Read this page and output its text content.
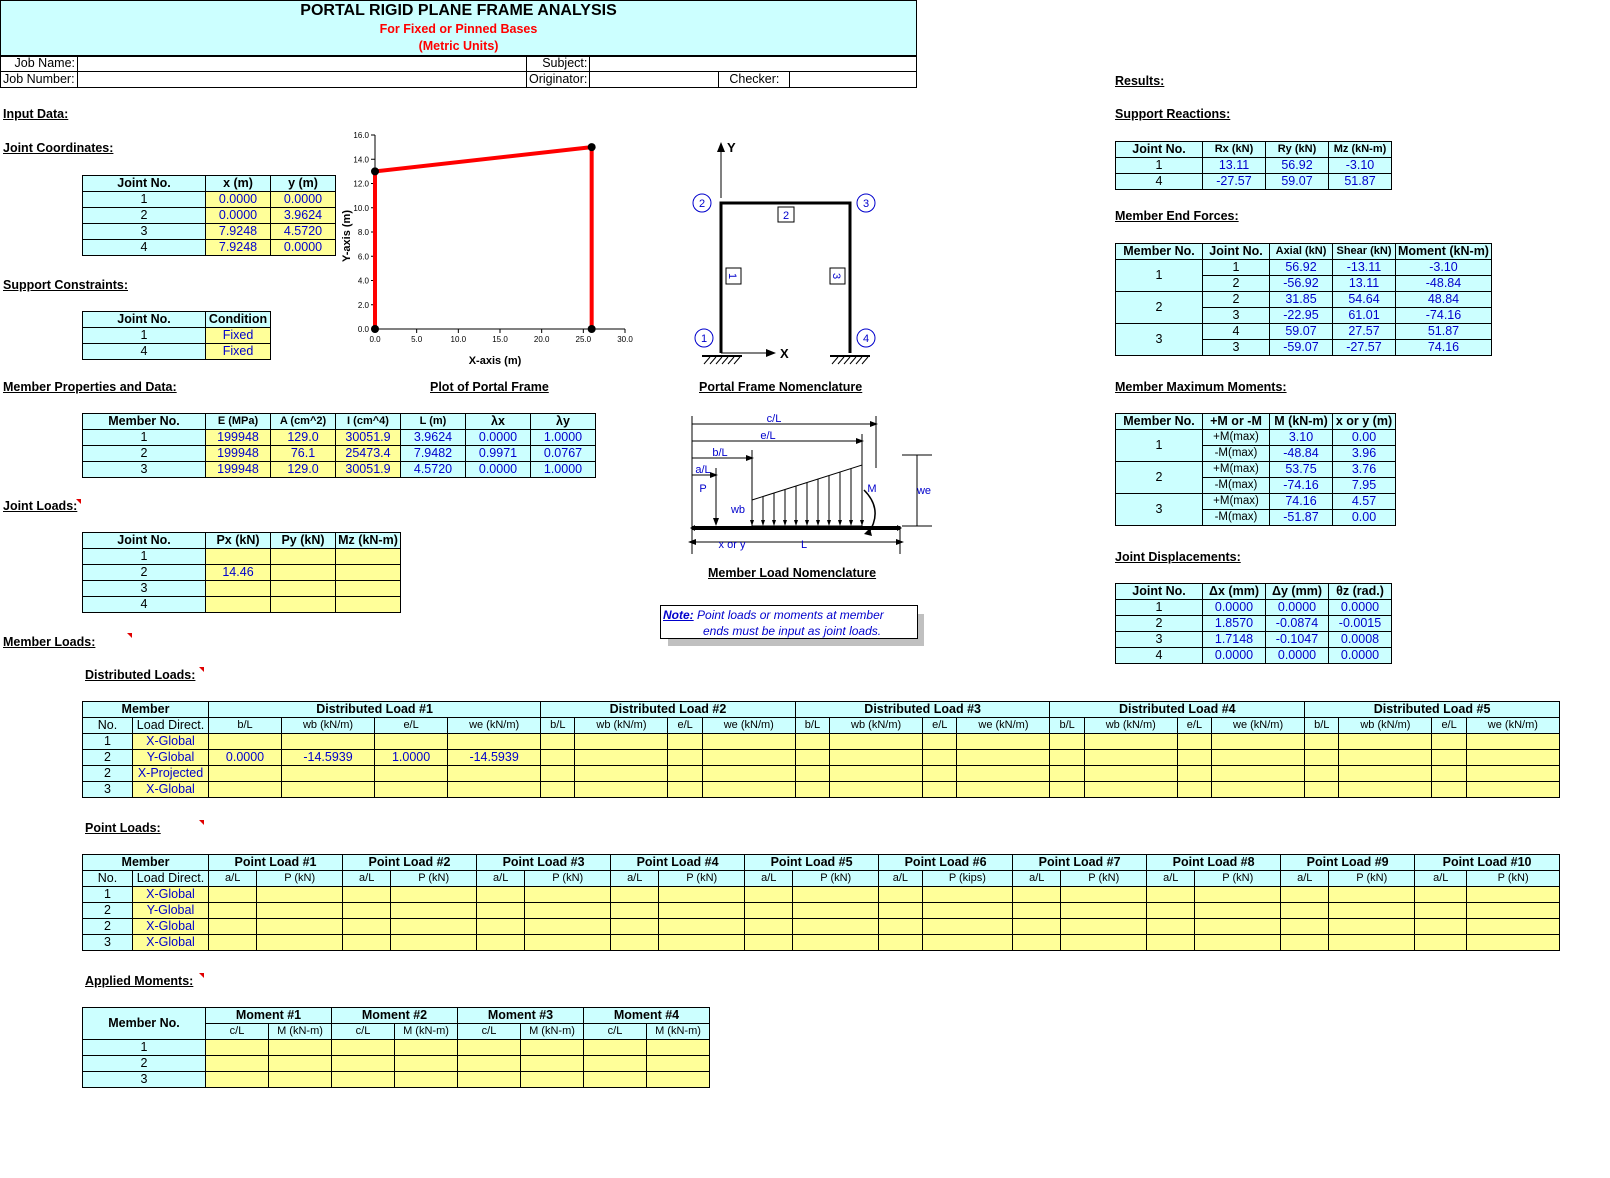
PORTAL RIGID PLANE FRAME ANALYSIS
For Fixed or Pinned Bases
(Metric Units)
Job Name:		Subject:			
Job Number:		Originator:		Checker:	
Input Data:
Joint Coordinates:
Support Constraints:
Member Properties and Data:	Plot of Portal Frame	Portal Frame Nomenclature
Joint Loads:
Member Load Nomenclature
Member Loads:
Distributed Loads:
Point Loads:
Applied Moments:
Results:
Support Reactions:
Member End Forces:
Member Maximum Moments:
Joint Displacements:
Joint No.	x (m)	y (m)
1	0.0000	0.0000
2	0.0000	3.9624
3	7.9248	4.5720
4	7.9248	0.0000
Joint No.	Condition
1	Fixed
4	Fixed
Member No.	E (MPa)	A (cm^2)	I (cm^4)	L (m)	λx	λy
1	199948	129.0	30051.9	3.9624	0.0000	1.0000
2	199948	76.1	25473.4	7.9482	0.9971	0.0767
3	199948	129.0	30051.9	4.5720	0.0000	1.0000
Joint No.	Px (kN)	Py (kN)	Mz (kN-m)
1			
2	14.46		
3			
4			
0.0	5.0	10.0	15.0	20.0	25.0	30.0
0.0
2.0
4.0
6.0
8.0
10.0
12.0
14.0
16.0
X-axis (m)
Y-axis (m)
Y
X
2	3
1	4
2
1	3
c/L
e/L
b/L
a/L
P	M
wb
we
x or y	L
Note: Point loads or moments at member
ends must be input as joint loads.
Member		Distributed Load #1				Distributed Load #2				Distributed Load #3				Distributed Load #4				Distributed Load #5			
No.	Load Direct.	b/L	wb (kN/m)	e/L	we (kN/m)	b/L	wb (kN/m)	e/L	we (kN/m)	b/L	wb (kN/m)	e/L	we (kN/m)	b/L	wb (kN/m)	e/L	we (kN/m)	b/L	wb (kN/m)	e/L	we (kN/m)
1	X-Global																				
2	Y-Global	0.0000	-14.5939	1.0000	-14.5939																
2	X-Projected																				
3	X-Global																				
Member		Point Load #1		Point Load #2		Point Load #3		Point Load #4		Point Load #5		Point Load #6		Point Load #7		Point Load #8		Point Load #9		Point Load #10	
No.	Load Direct.	a/L	P (kN)	a/L	P (kN)	a/L	P (kN)	a/L	P (kN)	a/L	P (kN)	a/L	P (kips)	a/L	P (kN)	a/L	P (kN)	a/L	P (kN)	a/L	P (kN)
1	X-Global																				
2	Y-Global																				
2	X-Global																				
3	X-Global																				
Member No.	Moment #1		Moment #2		Moment #3		Moment #4	
	c/L	M (kN-m)	c/L	M (kN-m)	c/L	M (kN-m)	c/L	M (kN-m)
1								
2								
3								
Joint No.	Rx (kN)	Ry (kN)	Mz (kN-m)
1	13.11	56.92	-3.10
4	-27.57	59.07	51.87
Member No.	Joint No.	Axial (kN)	Shear (kN)	Moment (kN-m)
1	1	56.92	-13.11	-3.10
	2	-56.92	13.11	-48.84
2	2	31.85	54.64	48.84
	3	-22.95	61.01	-74.16
3	4	59.07	27.57	51.87
	3	-59.07	-27.57	74.16
Member No.	+M or -M	M (kN-m)	x or y (m)
1	+M(max)	3.10	0.00
	-M(max)	-48.84	3.96
2	+M(max)	53.75	3.76
	-M(max)	-74.16	7.95
3	+M(max)	74.16	4.57
	-M(max)	-51.87	0.00
Joint No.	Δx (mm)	Δy (mm)	θz (rad.)
1	0.0000	0.0000	0.0000
2	1.8570	-0.0874	-0.0015
3	1.7148	-0.1047	0.0008
4	0.0000	0.0000	0.0000
